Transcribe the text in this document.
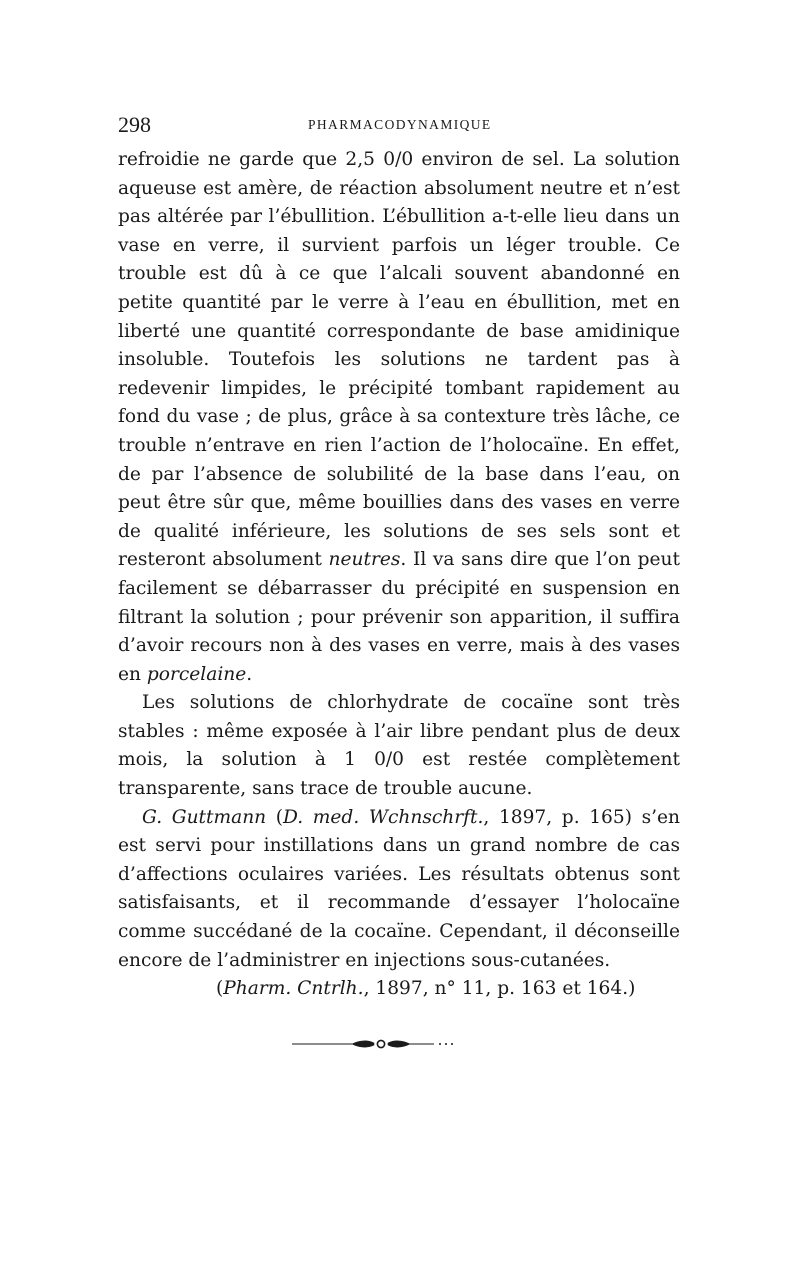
298	PHARMACODYNAMIQUE

refroidie ne garde que 2,5 0/0 environ de sel. La solution aqueuse est amère, de réaction absolument neutre et n’est pas altérée par l’ébullition. L’ébullition a-t-elle lieu dans un vase en verre, il survient parfois un léger trouble. Ce trouble est dû à ce que l’alcali souvent abandonné en petite quantité par le verre à l’eau en ébullition, met en liberté une quantité correspondante de base amidinique insoluble. Toutefois les solutions ne tardent pas à redevenir limpides, le précipité tombant rapidement au fond du vase ; de plus, grâce à sa contexture très lâche, ce trouble n’entrave en rien l’action de l’holocaïne. En effet, de par l’absence de solubilité de la base dans l’eau, on peut être sûr que, même bouillies dans des vases en verre de qualité inférieure, les solutions de ses sels sont et resteront absolument neutres. Il va sans dire que l’on peut facilement se débarrasser du précipité en suspension en filtrant la solution ; pour prévenir son apparition, il suffira d’avoir recours non à des vases en verre, mais à des vases en porcelaine.

Les solutions de chlorhydrate de cocaïne sont très stables : même exposée à l’air libre pendant plus de deux mois, la solution à 1 0/0 est restée complètement transparente, sans trace de trouble aucune.

G. Guttmann (D. med. Wchnschrft., 1897, p. 165) s’en est servi pour instillations dans un grand nombre de cas d’affections oculaires variées. Les résultats obtenus sont satisfaisants, et il recommande d’essayer l’holocaïne comme succédané de la cocaïne. Cependant, il déconseille encore de l’administrer en injections sous-cutanées.

(Pharm. Cntrlh., 1897, n° 11, p. 163 et 164.)
